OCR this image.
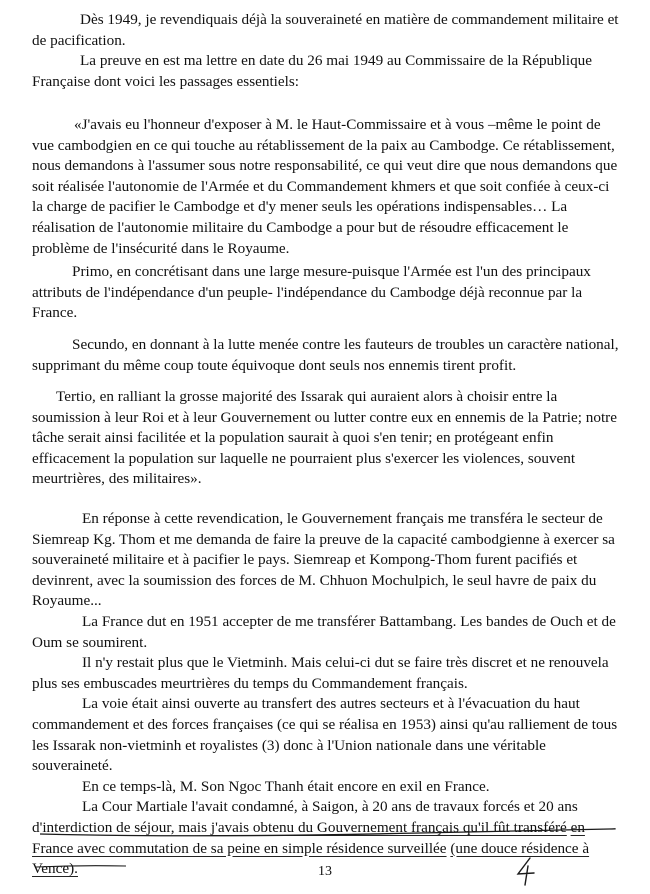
Dès 1949, je revendiquais déjà la souveraineté en matière de commandement militaire et de pacification.

La preuve en est ma lettre en date du 26 mai 1949 au Commissaire de la République Française dont voici les passages essentiels:

«J'avais eu l'honneur d'exposer à M. le Haut-Commissaire et à vous –même le point de vue cambodgien en ce qui touche au rétablissement de la paix au Cambodge. Ce rétablissement, nous demandons à l'assumer sous notre responsabilité, ce qui veut dire que nous demandons que soit réalisée l'autonomie de l'Armée et du Commandement khmers et que soit confiée à ceux-ci la charge de pacifier le Cambodge et d'y mener seuls les opérations indispensables… La réalisation de l'autonomie militaire du Cambodge a pour but de résoudre efficacement le problème de l'insécurité dans le Royaume.

Primo, en concrétisant dans une large mesure-puisque l'Armée est l'un des principaux attributs de l'indépendance d'un peuple- l'indépendance du Cambodge déjà reconnue par la France.

Secundo, en donnant à la lutte menée contre les fauteurs de troubles un caractère national, supprimant du même coup toute équivoque dont seuls nos ennemis tirent profit.

Tertio, en ralliant la grosse majorité des Issarak qui auraient alors à choisir entre la soumission à leur Roi et à leur Gouvernement ou lutter contre eux en ennemis de la Patrie; notre tâche serait ainsi facilitée et la population saurait à quoi s'en tenir; en protégeant enfin efficacement la population sur laquelle ne pourraient plus s'exercer les violences, souvent meurtrières, des militaires».

En réponse à cette revendication, le Gouvernement français me transféra le secteur de Siemreap Kg. Thom et me demanda de faire la preuve de la capacité cambodgienne à exercer sa souveraineté militaire et à pacifier le pays. Siemreap et Kompong-Thom furent pacifiés et devinrent, avec la soumission des forces de M. Chhuon Mochulpich, le seul havre de paix du Royaume...

La France dut en 1951 accepter de me transférer Battambang. Les bandes de Ouch et de Oum se soumirent.

Il n'y restait plus que le Vietminh. Mais celui-ci dut se faire très discret et ne renouvela plus ses embuscades meurtrières du temps du Commandement français.

La voie était ainsi ouverte au transfert des autres secteurs et à l'évacuation du haut commandement et des forces françaises (ce qui se réalisa en 1953) ainsi qu'au ralliement de tous les Issarak non-vietminh et royalistes (3) donc à l'Union nationale dans une véritable souveraineté.

En ce temps-là, M. Son Ngoc Thanh était encore en exil en France.

La Cour Martiale l'avait condamné, à Saigon, à 20 ans de travaux forcés et 20 ans d'interdiction de séjour, mais j'avais obtenu du Gouvernement français qu'il fût transféré en France avec commutation de sa peine en simple résidence surveillée (une douce résidence à Vence).	13
